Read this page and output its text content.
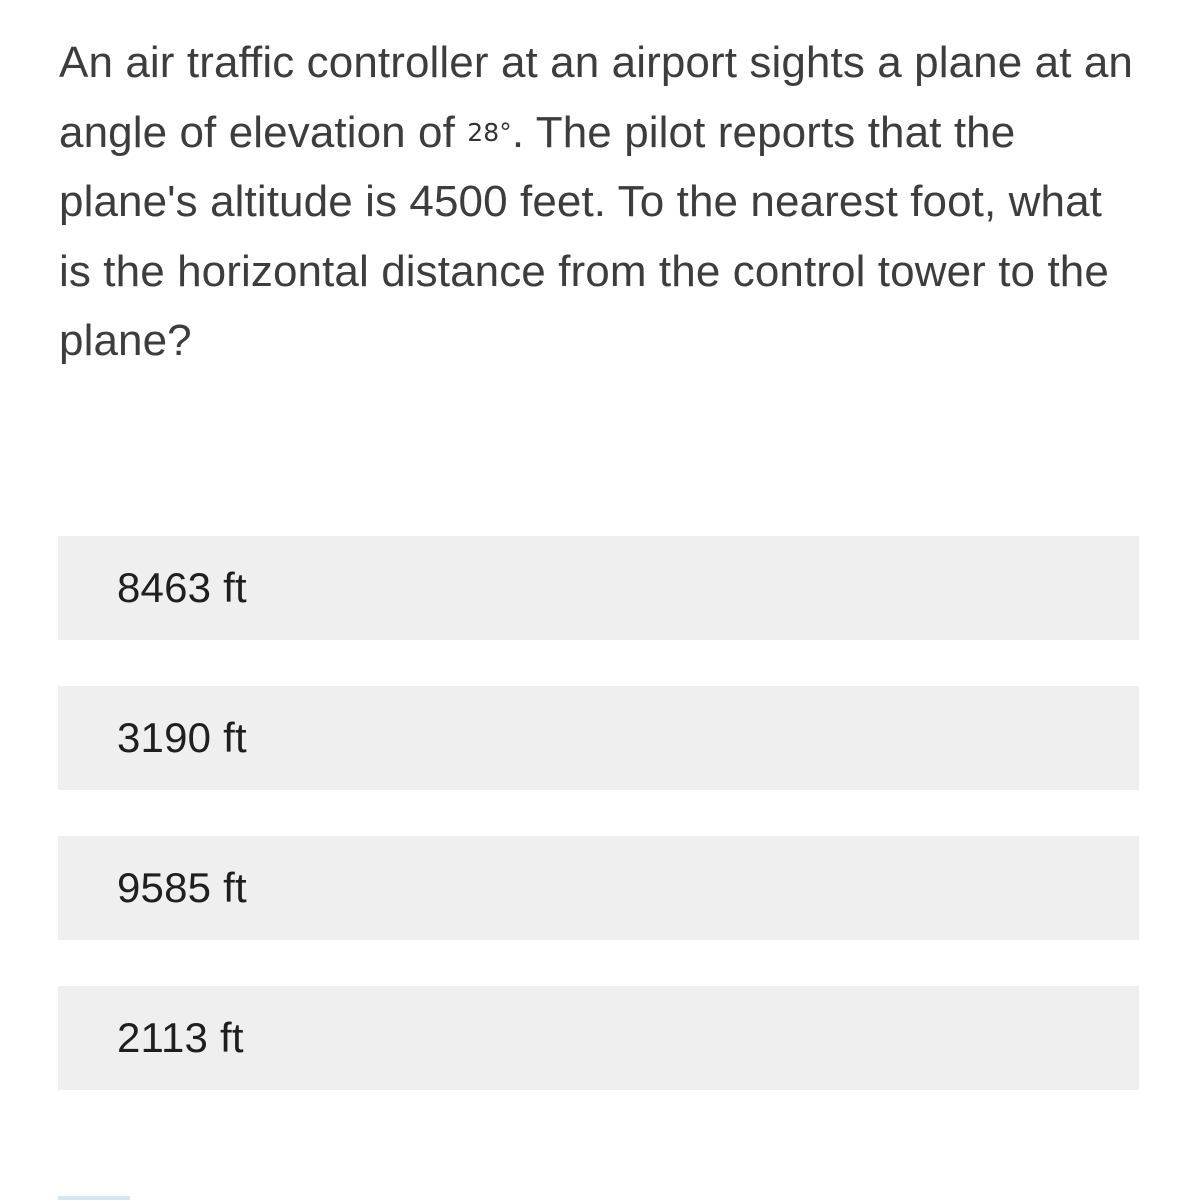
An air traffic controller at an airport sights a plane at an angle of elevation of 28°. The pilot reports that the plane's altitude is 4500 feet. To the nearest foot, what is the horizontal distance from the control tower to the plane?
8463 ft
3190 ft
9585 ft
2113 ft
